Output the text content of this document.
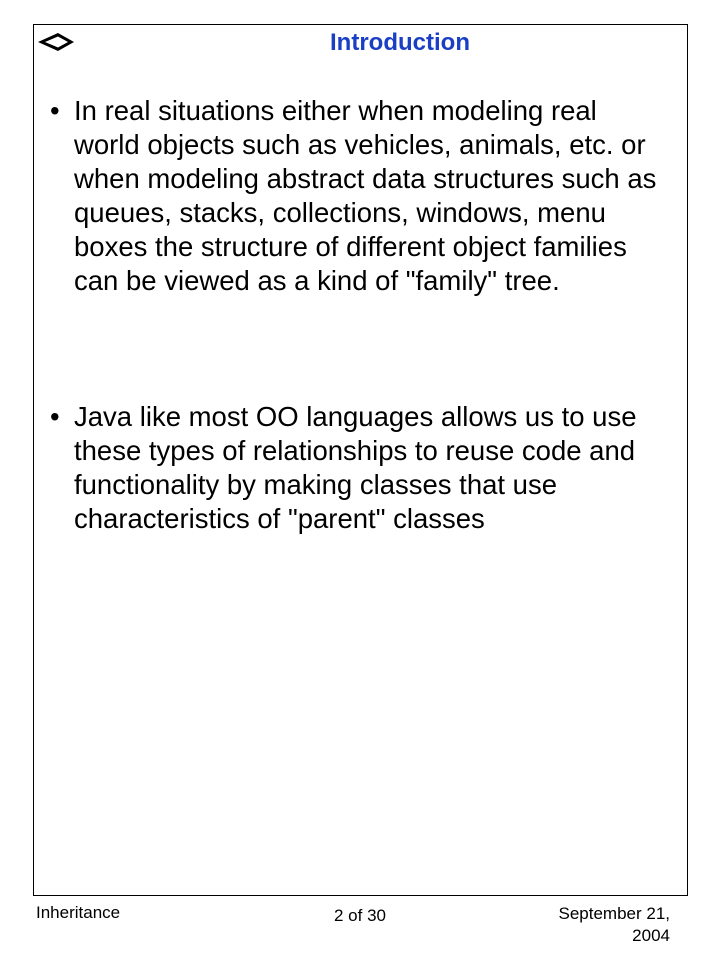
Introduction
• In real situations either when modeling real world objects such as vehicles, animals, etc. or when modeling abstract data structures such as queues, stacks, collections, windows, menu boxes the structure of different object families can be viewed as a kind of "family" tree.
• Java like most OO languages allows us to use these types of relationships to reuse code and functionality by making classes that use characteristics of "parent" classes
Inheritance	2 of 30	September 21,
2004
